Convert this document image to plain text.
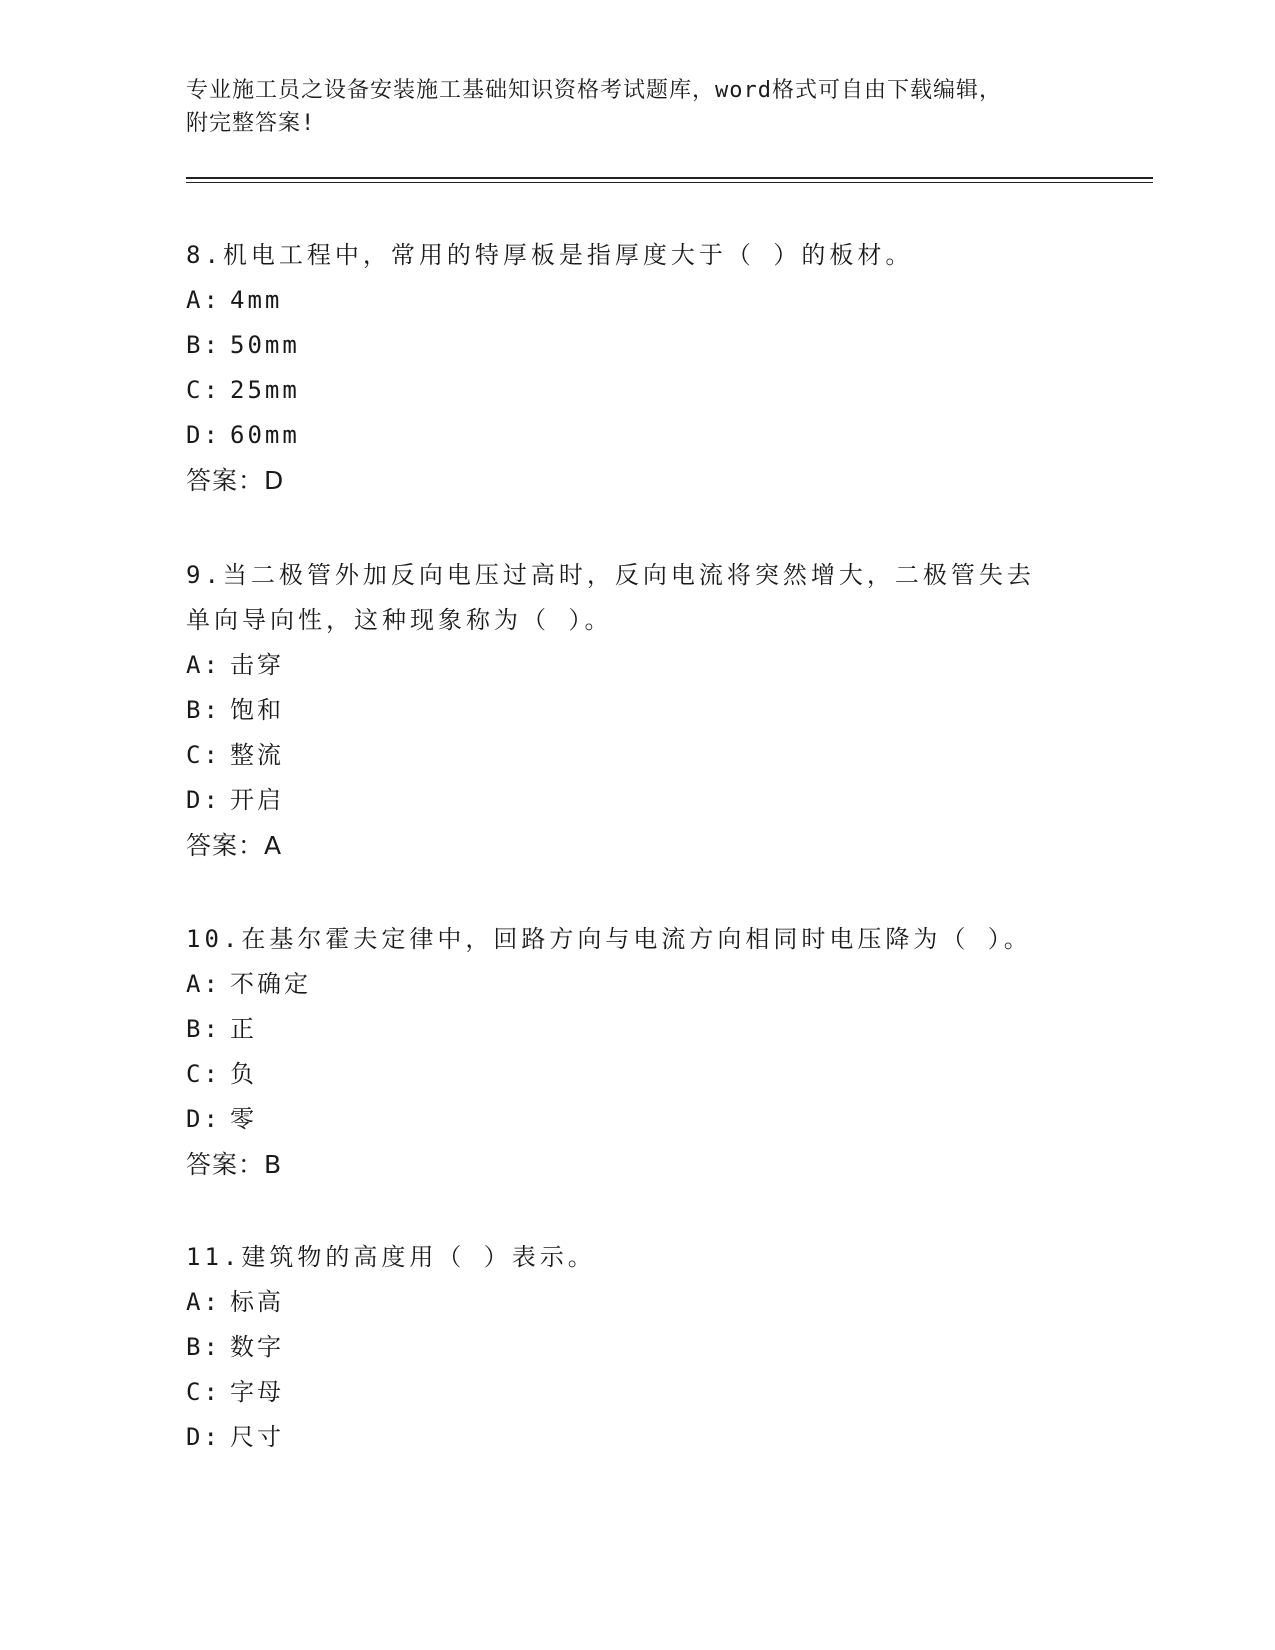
专业施工员之设备安装施工基础知识资格考试题库，word格式可自由下载编辑，
附完整答案!

8.机电工程中，常用的特厚板是指厚度大于（ ）的板材。

A: 4mm

B: 50mm

C: 25mm

D: 60mm

答案：D

9.当二极管外加反向电压过高时，反向电流将突然增大，二极管失去

单向导向性，这种现象称为（ ）。

A: 击穿

B: 饱和

C: 整流

D: 开启

答案：A

10.在基尔霍夫定律中，回路方向与电流方向相同时电压降为（ ）。

A: 不确定

B: 正

C: 负

D: 零

答案：B

11.建筑物的高度用（ ）表示。

A: 标高

B: 数字

C: 字母

D: 尺寸
